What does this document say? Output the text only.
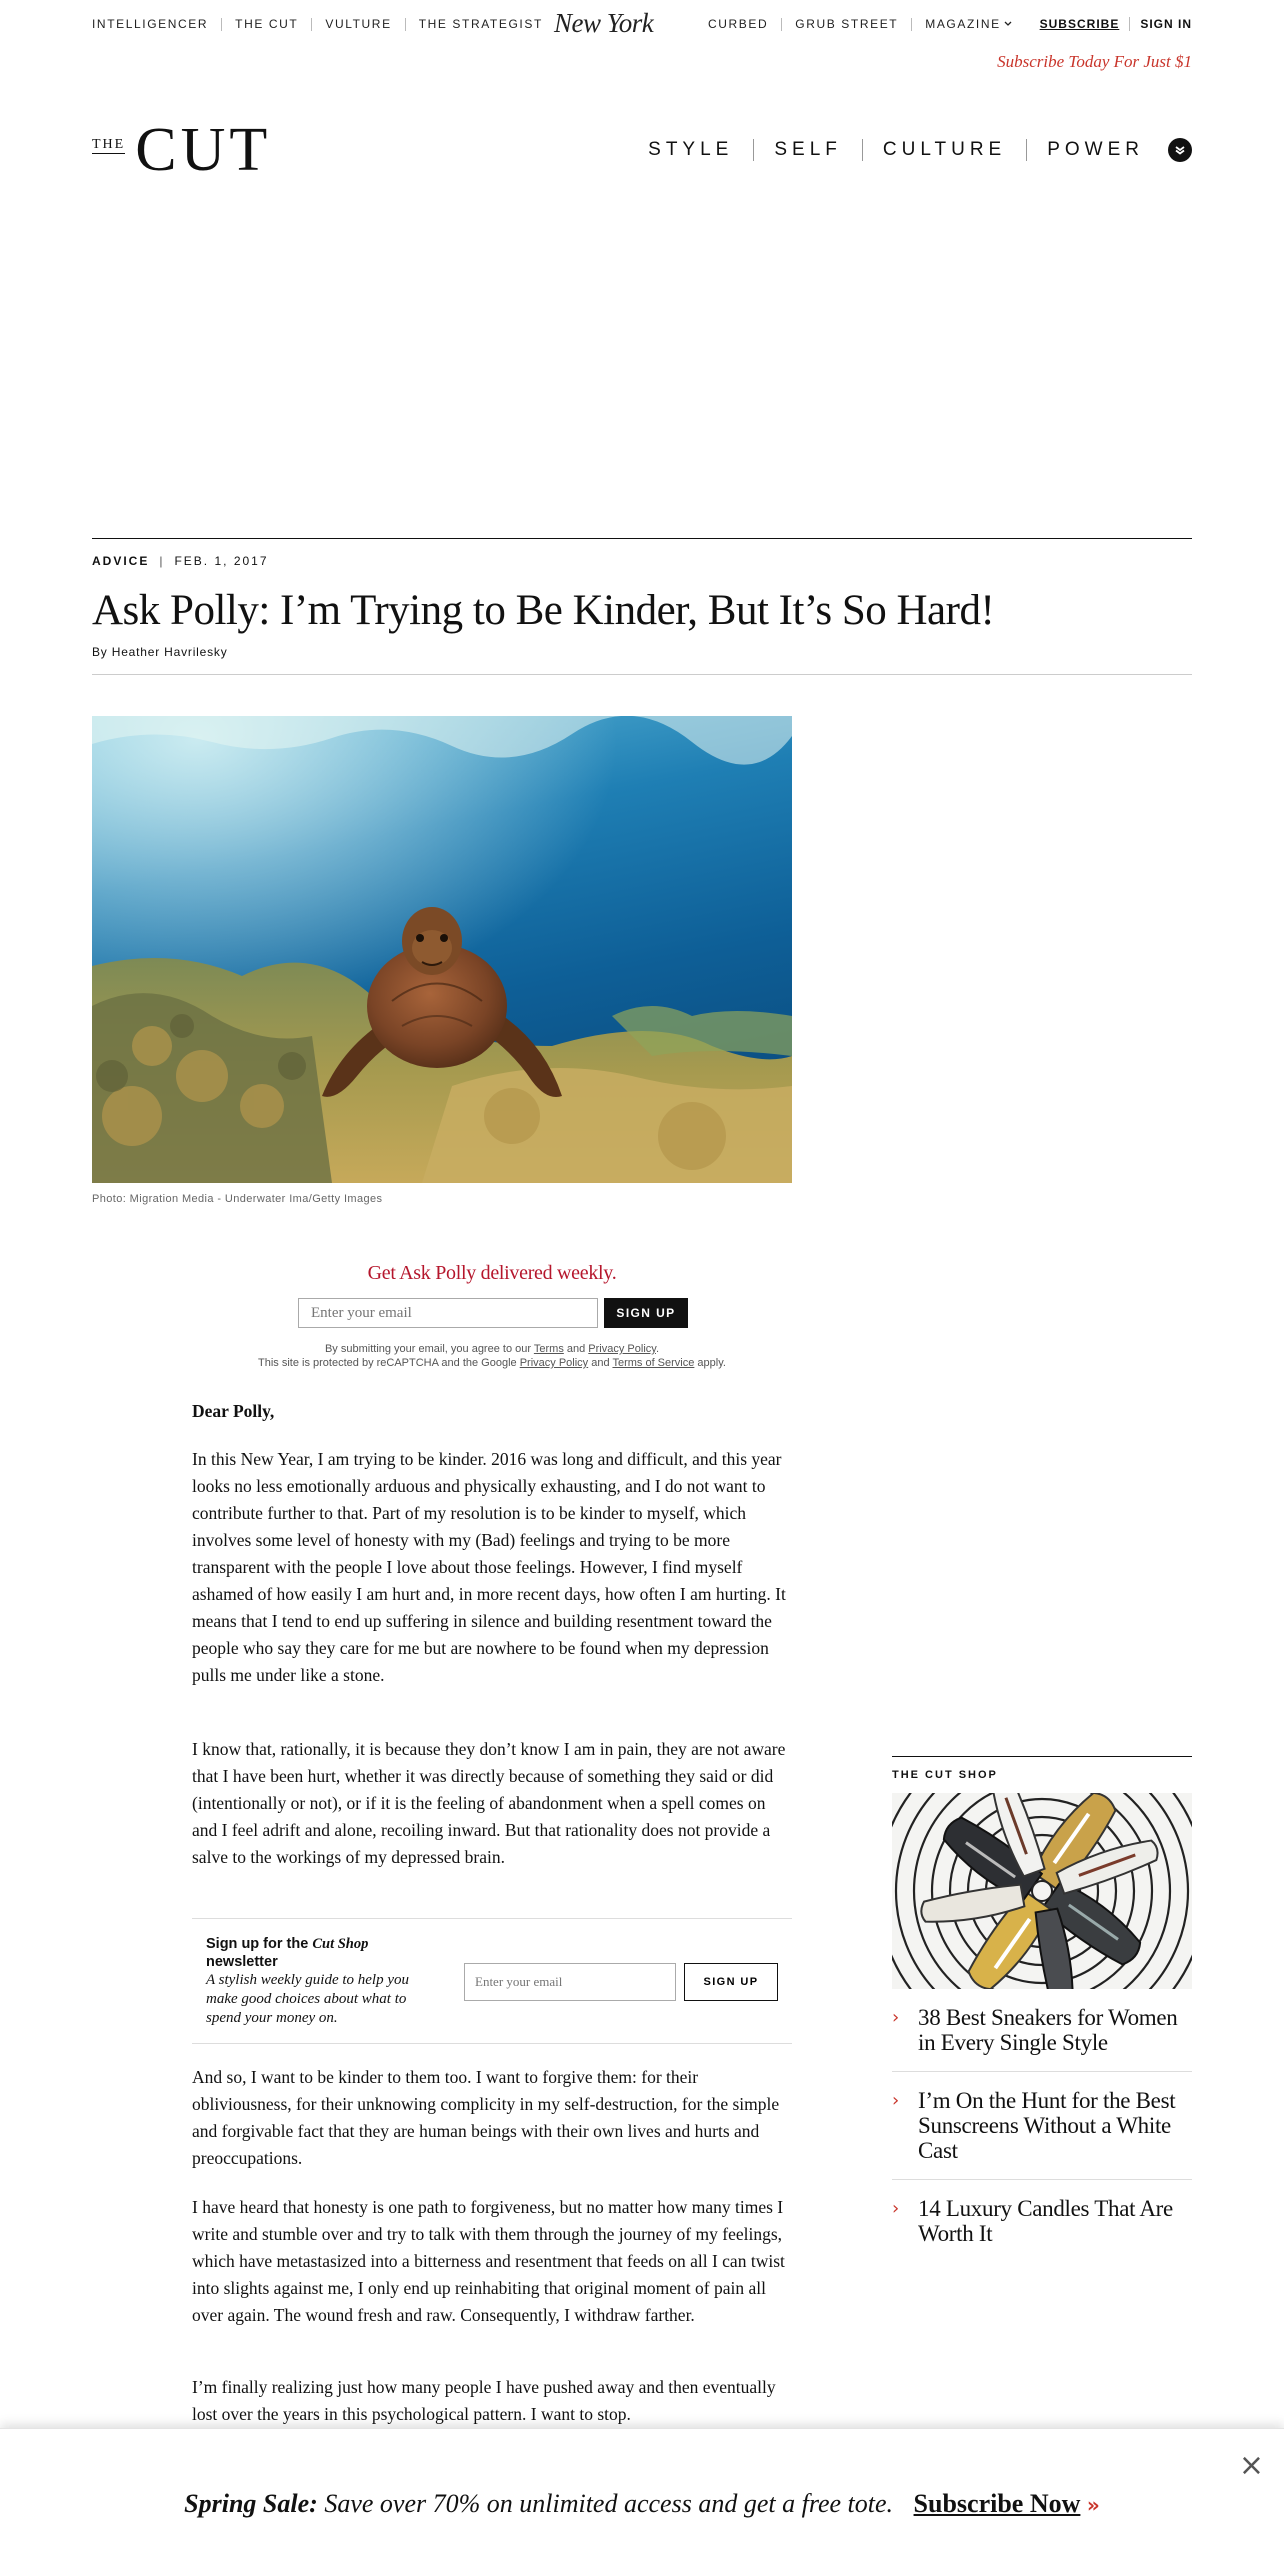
INTELLIGENCER	THE CUT	VULTURE	THE STRATEGIST New York	CURBED	GRUB STREET	MAGAZINE	SUBSCRIBE	SIGN IN
Subscribe Today For Just $1
THE CUT	STYLE	SELF	CULTURE	POWER
ADVICE | FEB. 1, 2017
Ask Polly: I’m Trying to Be Kinder, But It’s So Hard!
By Heather Havrilesky
Photo: Migration Media - Underwater Ima/Getty Images
Get Ask Polly delivered weekly.
Enter your email
SIGN UP
By submitting your email, you agree to our Terms and Privacy Policy.
This site is protected by reCAPTCHA and the Google Privacy Policy and Terms of Service apply.
Dear Polly,

In this New Year, I am trying to be kinder. 2016 was long and difficult, and this year looks no less emotionally arduous and physically exhausting, and I do not want to contribute further to that. Part of my resolution is to be kinder to myself, which involves some level of honesty with my (Bad) feelings and trying to be more transparent with the people I love about those feelings. However, I find myself ashamed of how easily I am hurt and, in more recent days, how often I am hurting. It means that I tend to end up suffering in silence and building resentment toward the people who say they care for me but are nowhere to be found when my depression pulls me under like a stone.

I know that, rationally, it is because they don’t know I am in pain, they are not aware that I have been hurt, whether it was directly because of something they said or did (intentionally or not), or if it is the feeling of abandonment when a spell comes on and I feel adrift and alone, recoiling inward. But that rationality does not provide a salve to the workings of my depressed brain.

Sign up for the Cut Shop newsletter
A stylish weekly guide to help you make good choices about what to spend your money on.
Enter your email
SIGN UP

And so, I want to be kinder to them too. I want to forgive them: for their obliviousness, for their unknowing complicity in my self-destruction, for the simple and forgivable fact that they are human beings with their own lives and hurts and preoccupations.

I have heard that honesty is one path to forgiveness, but no matter how many times I write and stumble over and try to talk with them through the journey of my feelings, which have metastasized into a bitterness and resentment that feeds on all I can twist into slights against me, I only end up reinhabiting that original moment of pain all over again. The wound fresh and raw. Consequently, I withdraw farther.

I’m finally realizing just how many people I have pushed away and then eventually lost over the years in this psychological pattern. I want to stop.

THE CUT SHOP
› 38 Best Sneakers for Women in Every Single Style
› I’m On the Hunt for the Best Sunscreens Without a White Cast
› 14 Luxury Candles That Are Worth It
×
Spring Sale: Save over 70% on unlimited access and get a free tote. Subscribe Now »
